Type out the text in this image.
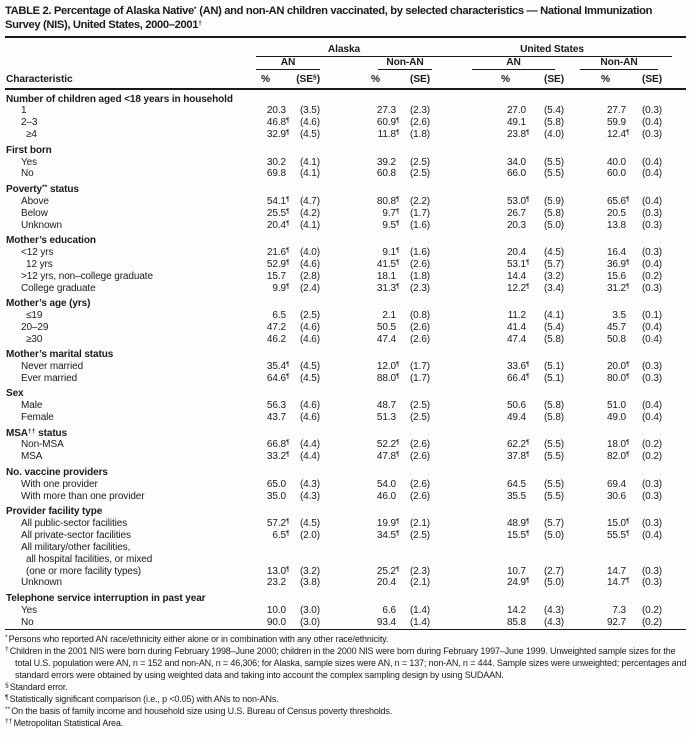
TABLE 2. Percentage of Alaska Native* (AN) and non-AN children vaccinated, by selected characteristics — National Immunization
Survey (NIS), United States, 2000–2001†

	Alaska				United States			

	AN		Non-AN		AN		Non-AN	

Characteristic	%	(SE§)	%	(SE)	%	(SE)	%	(SE)
Number of children aged <18 years in household								
1	20.3	(3.5)	27.3	(2.3)	27.0	(5.4)	27.7	(0.3)
2–3	46.8¶	(4.6)	60.9¶	(2.6)	49.1	(5.8)	59.9	(0.4)
≥4	32.9¶	(4.5)	11.8¶	(1.8)	23.8¶	(4.0)	12.4¶	(0.3)
First born								
Yes	30.2	(4.1)	39.2	(2.5)	34.0	(5.5)	40.0	(0.4)
No	69.8	(4.1)	60.8	(2.5)	66.0	(5.5)	60.0	(0.4)
Poverty** status								
Above	54.1¶	(4.7)	80.8¶	(2.2)	53.0¶	(5.9)	65.6¶	(0.4)
Below	25.5¶	(4.2)	9.7¶	(1.7)	26.7	(5.8)	20.5	(0.3)
Unknown	20.4¶	(4.1)	9.5¶	(1.6)	20.3	(5.0)	13.8	(0.3)
Mother’s education								
<12 yrs	21.6¶	(4.0)	9.1¶	(1.6)	20.4	(4.5)	16.4	(0.3)
12 yrs	52.9¶	(4.6)	41.5¶	(2.6)	53.1¶	(5.7)	36.9¶	(0.4)
>12 yrs, non–college graduate	15.7	(2.8)	18.1	(1.8)	14.4	(3.2)	15.6	(0.2)
College graduate	9.9¶	(2.4)	31.3¶	(2.3)	12.2¶	(3.4)	31.2¶	(0.3)
Mother’s age (yrs)								
≤19	6.5	(2.5)	2.1	(0.8)	11.2	(4.1)	3.5	(0.1)
20–29	47.2	(4.6)	50.5	(2.6)	41.4	(5.4)	45.7	(0.4)
≥30	46.2	(4.6)	47.4	(2.6)	47.4	(5.8)	50.8	(0.4)
Mother’s marital status								
Never married	35.4¶	(4.5)	12.0¶	(1.7)	33.6¶	(5.1)	20.0¶	(0.3)
Ever married	64.6¶	(4.5)	88.0¶	(1.7)	66.4¶	(5.1)	80.0¶	(0.3)
Sex								
Male	56.3	(4.6)	48.7	(2.5)	50.6	(5.8)	51.0	(0.4)
Female	43.7	(4.6)	51.3	(2.5)	49.4	(5.8)	49.0	(0.4)
MSA†† status								
Non-MSA	66.8¶	(4.4)	52.2¶	(2.6)	62.2¶	(5.5)	18.0¶	(0.2)
MSA	33.2¶	(4.4)	47.8¶	(2.6)	37.8¶	(5.5)	82.0¶	(0.2)
No. vaccine providers								
With one provider	65.0	(4.3)	54.0	(2.6)	64.5	(5.5)	69.4	(0.3)
With more than one provider	35.0	(4.3)	46.0	(2.6)	35.5	(5.5)	30.6	(0.3)
Provider facility type								
All public-sector facilities	57.2¶	(4.5)	19.9¶	(2.1)	48.9¶	(5.7)	15.0¶	(0.3)
All private-sector facilities	6.5¶	(2.0)	34.5¶	(2.5)	15.5¶	(5.0)	55.5¶	(0.4)
All military/other facilities,								
all hospital facilities, or mixed								
(one or more facility types)	13.0¶	(3.2)	25.2¶	(2.3)	10.7	(2.7)	14.7	(0.3)
Unknown	23.2	(3.8)	20.4	(2.1)	24.9¶	(5.0)	14.7¶	(0.3)
Telephone service interruption in past year								
Yes	10.0	(3.0)	6.6	(1.4)	14.2	(4.3)	7.3	(0.2)
No	90.0	(3.0)	93.4	(1.4)	85.8	(4.3)	92.7	(0.2)
*Persons who reported AN race/ethnicity either alone or in combination with any other race/ethnicity.
†Children in the 2001 NIS were born during February 1998–June 2000; children in the 2000 NIS were born during February 1997–June 1999. Unweighted sample sizes for the total U.S. population were AN, n = 152 and non-AN, n = 46,306; for Alaska, sample sizes were AN, n = 137; non-AN, n = 444. Sample sizes were unweighted; percentages and standard errors were obtained by using weighted data and taking into account the complex sampling design by using SUDAAN.
§Standard error.
¶Statistically significant comparison (i.e., p <0.05) with ANs to non-ANs.
**On the basis of family income and household size using U.S. Bureau of Census poverty thresholds.
††Metropolitan Statistical Area.
